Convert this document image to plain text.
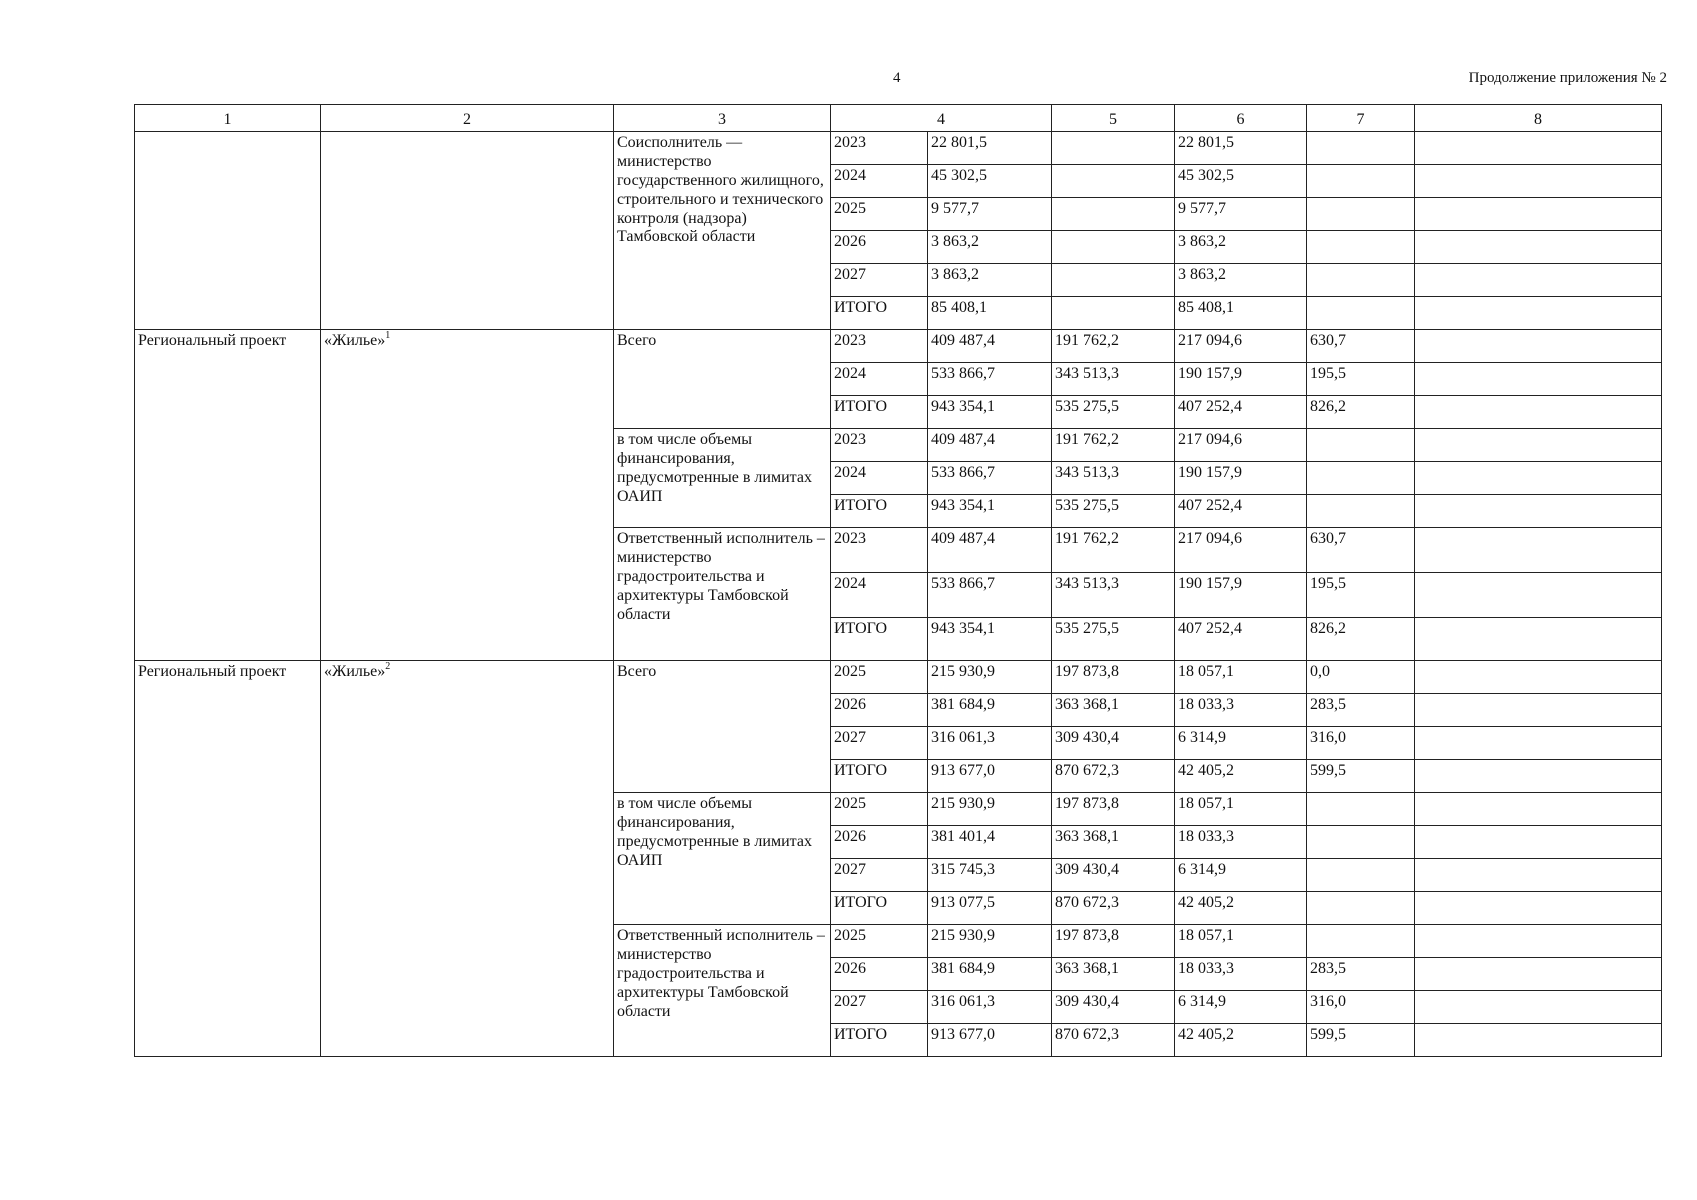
4	Продолжение приложения № 2
1	2	3	4		5	6	7	8
		Соисполнитель — министерство государственного жилищного, строительного и технического контроля (надзора) Тамбовской области	2023	22 801,5		22 801,5		
			2024	45 302,5		45 302,5		
			2025	9 577,7		9 577,7		
			2026	3 863,2		3 863,2		
			2027	3 863,2		3 863,2		
			ИТОГО	85 408,1		85 408,1		
Региональный проект	«Жилье»$^1$	Всего	2023	409 487,4	191 762,2	217 094,6	630,7	
			2024	533 866,7	343 513,3	190 157,9	195,5	
			ИТОГО	943 354,1	535 275,5	407 252,4	826,2	
		в том числе объемы финансирования, предусмотренные в лимитах ОАИП	2023	409 487,4	191 762,2	217 094,6		
			2024	533 866,7	343 513,3	190 157,9		
			ИТОГО	943 354,1	535 275,5	407 252,4		
		Ответственный исполнитель – министерство градостроительства и архитектуры Тамбовской области	2023	409 487,4	191 762,2	217 094,6	630,7	
			2024	533 866,7	343 513,3	190 157,9	195,5	
			ИТОГО	943 354,1	535 275,5	407 252,4	826,2	
Региональный проект	«Жилье»$^2$	Всего	2025	215 930,9	197 873,8	18 057,1	0,0	
			2026	381 684,9	363 368,1	18 033,3	283,5	
			2027	316 061,3	309 430,4	6 314,9	316,0	
			ИТОГО	913 677,0	870 672,3	42 405,2	599,5	
		в том числе объемы финансирования, предусмотренные в лимитах ОАИП	2025	215 930,9	197 873,8	18 057,1		
			2026	381 401,4	363 368,1	18 033,3		
			2027	315 745,3	309 430,4	6 314,9		
			ИТОГО	913 077,5	870 672,3	42 405,2		
		Ответственный исполнитель – министерство градостроительства и архитектуры Тамбовской области	2025	215 930,9	197 873,8	18 057,1		
			2026	381 684,9	363 368,1	18 033,3	283,5	
			2027	316 061,3	309 430,4	6 314,9	316,0	
			ИТОГО	913 677,0	870 672,3	42 405,2	599,5	
